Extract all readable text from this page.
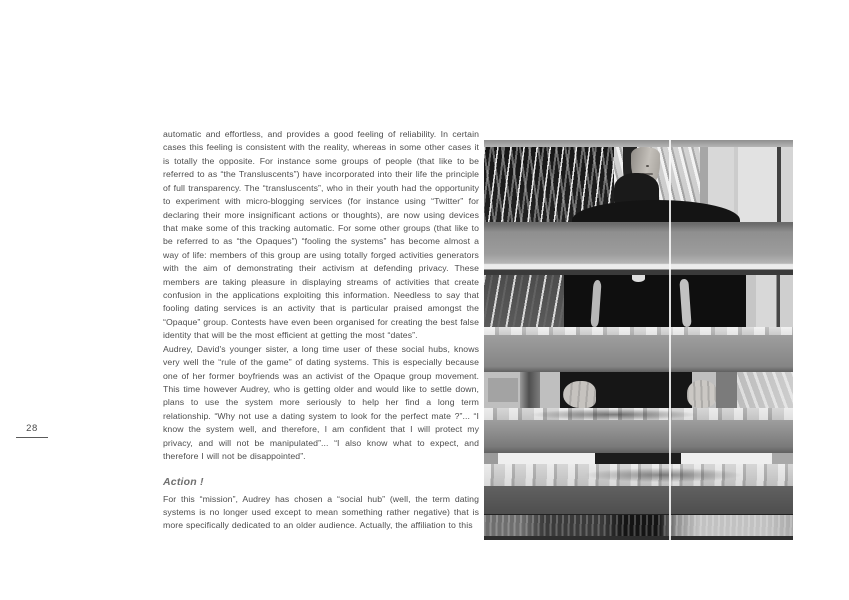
28

automatic and effortless, and provides a good feeling of reliability. In certain cases this feeling is consistent with the reality, whereas in some other cases it is totally the opposite. For instance some groups of people (that like to be referred to as “the Transluscents”) have incorporated into their life the principle of full transparency. The “transluscents”, who in their youth had the opportunity to experiment with micro-blogging services (for instance using “Twitter” for declaring their more insignificant actions or thoughts), are now using devices that make some of this tracking automatic. For some other groups (that like to be referred to as “the Opaques”) “fooling the systems” has become almost a way of life: members of this group are using totally forged activities generators with the aim of demonstrating their activism at defending privacy. These members are taking pleasure in displaying streams of activities that create confusion in the applications exploiting this information. Needless to say that fooling dating services is an activity that is particular praised amongst the “Opaque” group. Contests have even been organised for creating the best false identity that will be the most efficient at getting the most “dates”.

Audrey, David's younger sister, a long time user of these social hubs, knows very well the “rule of the game” of dating systems. This is especially because one of her former boyfriends was an activist of the Opaque group movement. This time however Audrey, who is getting older and would like to settle down, plans to use the system more seriously to help her find a long term relationship. “Why not use a dating system to look for the perfect mate ?”... “I know the system well, and therefore, I am confident that I will protect my privacy, and will not be manipulated”... “I also know what to expect, and therefore I will not be disappointed”.

Action !

For this “mission”, Audrey has chosen a “social hub” (well, the term dating systems is no longer used except to mean something rather negative) that is more specifically dedicated to an older audience. Actually, the affiliation to this
